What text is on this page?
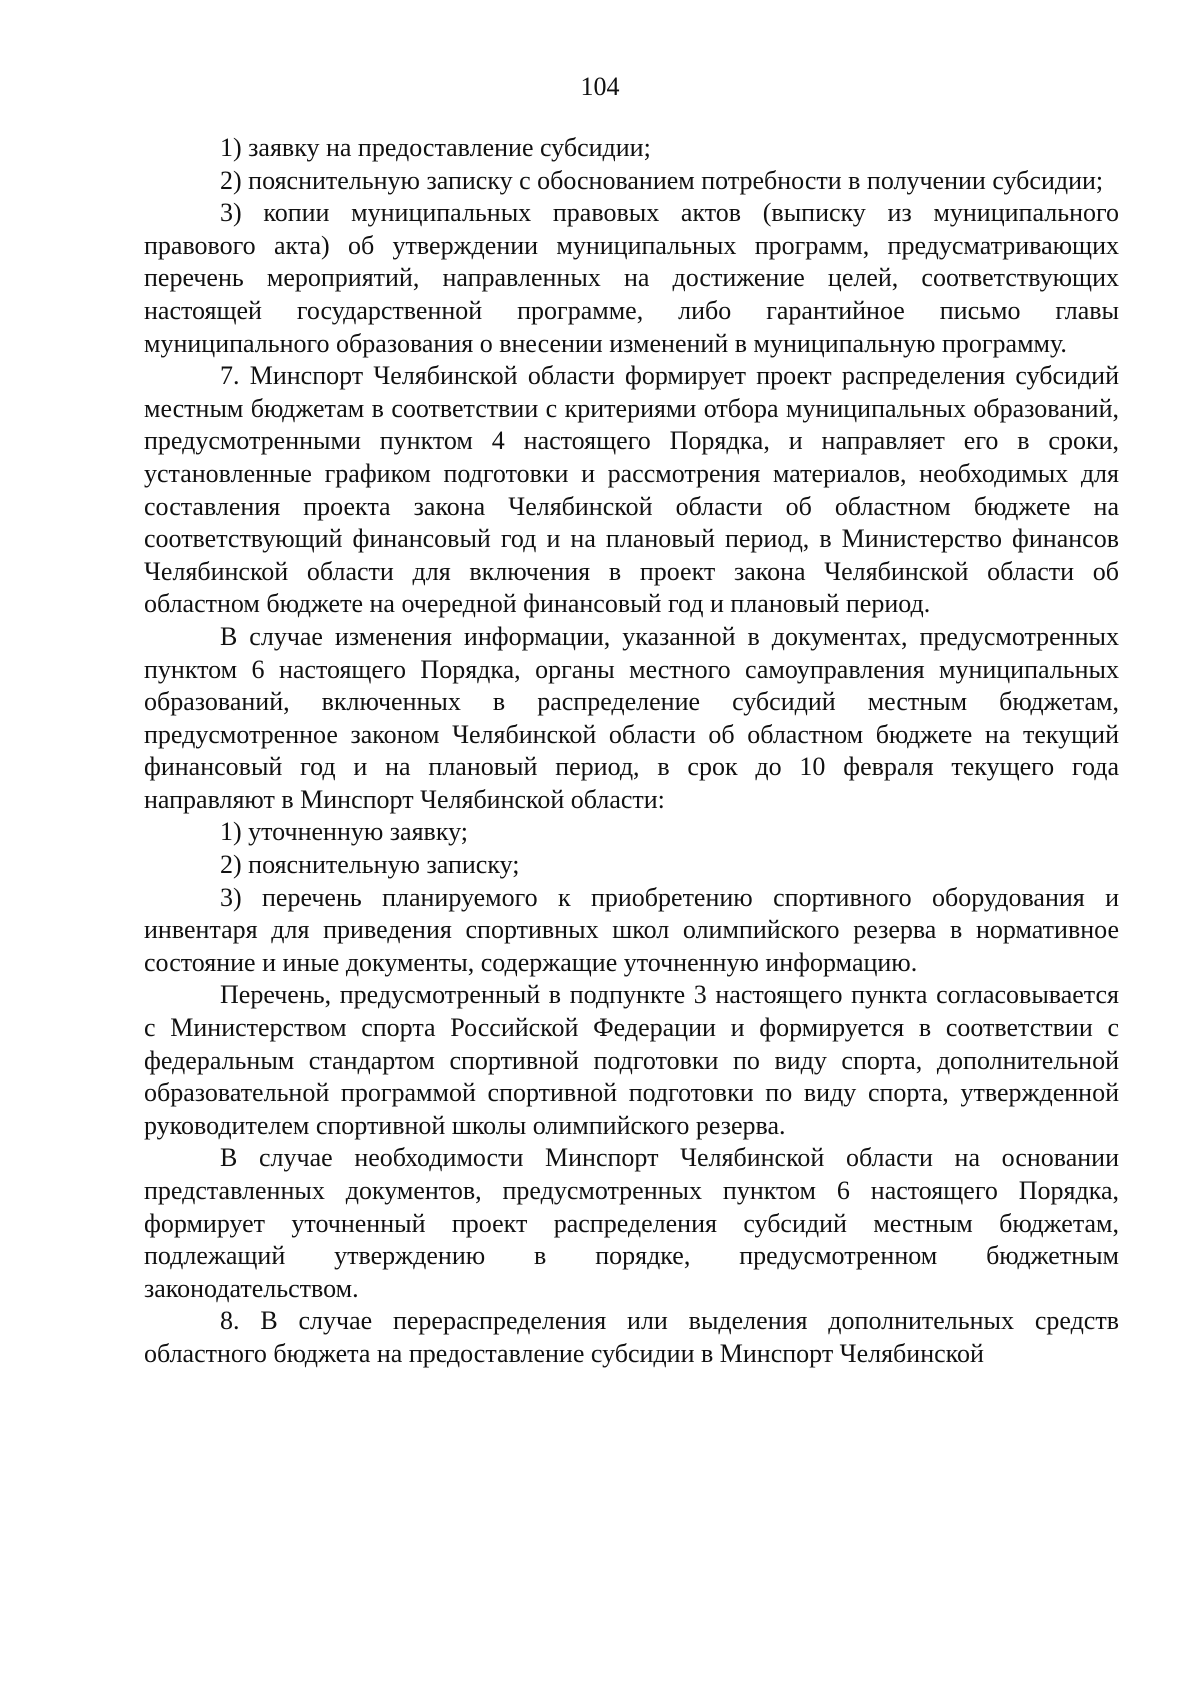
104

1) заявку на предоставление субсидии;

2) пояснительную записку с обоснованием потребности в получении субсидии;

3) копии муниципальных правовых актов (выписку из муниципального правового акта) об утверждении муниципальных программ, предусматривающих перечень мероприятий, направленных на достижение целей, соответствующих настоящей государственной программе, либо гарантийное письмо главы муниципального образования о внесении изменений в муниципальную программу.

7. Минспорт Челябинской области формирует проект распределения субсидий местным бюджетам в соответствии с критериями отбора муниципальных образований, предусмотренными пунктом 4 настоящего Порядка, и направляет его в сроки, установленные графиком подготовки и рассмотрения материалов, необходимых для составления проекта закона Челябинской области об областном бюджете на соответствующий финансовый год и на плановый период, в Министерство финансов Челябинской области для включения в проект закона Челябинской области об областном бюджете на очередной финансовый год и плановый период.

В случае изменения информации, указанной в документах, предусмотренных пунктом 6 настоящего Порядка, органы местного самоуправления муниципальных образований, включенных в распределение субсидий местным бюджетам, предусмотренное законом Челябинской области об областном бюджете на текущий финансовый год и на плановый период, в срок до 10 февраля текущего года направляют в Минспорт Челябинской области:

1) уточненную заявку;

2) пояснительную записку;

3) перечень планируемого к приобретению спортивного оборудования и инвентаря для приведения спортивных школ олимпийского резерва в нормативное состояние и иные документы, содержащие уточненную информацию.

Перечень, предусмотренный в подпункте 3 настоящего пункта согласовывается с Министерством спорта Российской Федерации и формируется в соответствии с федеральным стандартом спортивной подготовки по виду спорта, дополнительной образовательной программой спортивной подготовки по виду спорта, утвержденной руководителем спортивной школы олимпийского резерва.

В случае необходимости Минспорт Челябинской области на основании представленных документов, предусмотренных пунктом 6 настоящего Порядка, формирует уточненный проект распределения субсидий местным бюджетам, подлежащий утверждению в порядке, предусмотренном бюджетным законодательством.

8. В случае перераспределения или выделения дополнительных средств областного бюджета на предоставление субсидии в Минспорт Челябинской
